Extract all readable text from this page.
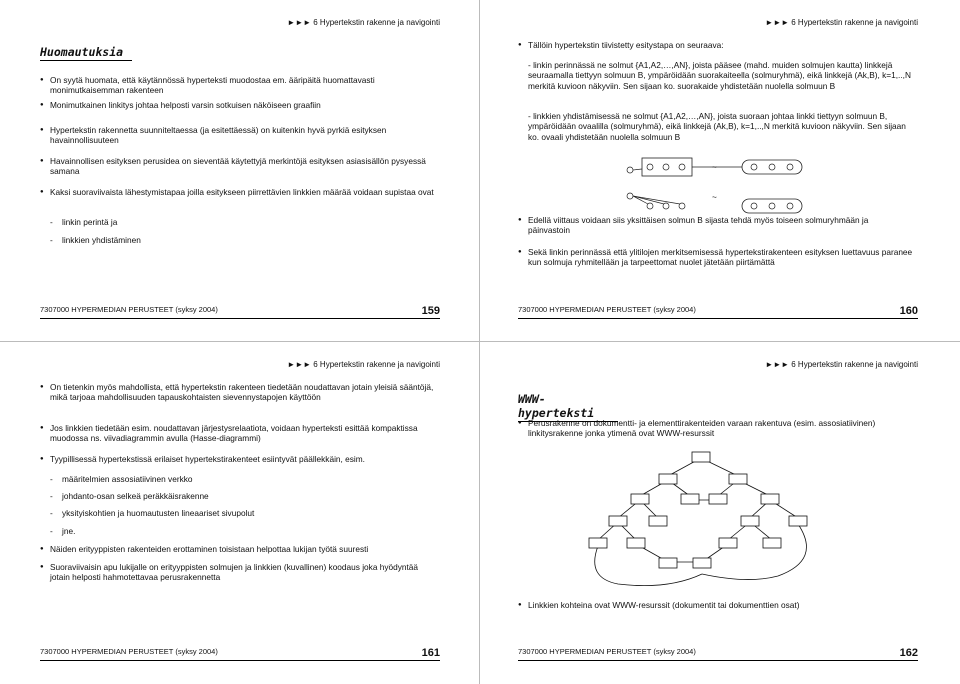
►►► 6 Hypertekstin rakenne ja navigointi
Huomautuksia
● On syytä huomata, että käytännössä hyperteksti muodostaa em. ääripäitä huomattavasti monimutkaisemman rakenteen
● Monimutkainen linkitys johtaa helposti varsin sotkuisen näköiseen graafiin
● Hypertekstin rakennetta suunniteltaessa (ja esitettäessä) on kuitenkin hyvä pyrkiä esityksen havainnollisuuteen
● Havainnollisen esityksen perusidea on sieventää käytettyjä merkintöjä esityksen asiasisällön pysyessä samana
● Kaksi suoraviivaista lähestymistapaa joilla esitykseen piirrettävien linkkien määrää voidaan supistaa ovat
- linkin perintä ja
- linkkien yhdistäminen
7307000 HYPERMEDIAN PERUSTEET (syksy 2004)	159
►►► 6 Hypertekstin rakenne ja navigointi
● Tällöin hypertekstin tiivistetty esitystapa on seuraava:
- linkin perinnässä ne solmut {A1,A2,…,AN}, joista pääsee (mahd. muiden solmujen kautta) linkkejä seuraamalla tiettyyn solmuun B, ympäröidään suorakaiteella (solmuryhmä), eikä linkkejä (Ak,B), k=1,..,N merkitä kuvioon näkyviin. Sen sijaan ko. suorakaide yhdistetään nuolella solmuun B
- linkkien yhdistämisessä ne solmut {A1,A2,…,AN}, joista suoraan johtaa linkki tiettyyn solmuun B, ympäröidään ovaalilla (solmuryhmä), eikä linkkejä (Ak,B), k=1,..,N merkitä kuvioon näkyviin. Sen sijaan ko. ovaali yhdistetään nuolella solmuun B
~
~
● Edellä viittaus voidaan siis yksittäisen solmun B sijasta tehdä myös toiseen solmuryhmään ja päinvastoin
● Sekä linkin perinnässä että ylitilojen merkitsemisessä hypertekstirakenteen esityksen luettavuus paranee kun solmuja ryhmitellään ja tarpeettomat nuolet jätetään piirtämättä
7307000 HYPERMEDIAN PERUSTEET (syksy 2004)	160
►►► 6 Hypertekstin rakenne ja navigointi
● On tietenkin myös mahdollista, että hypertekstin rakenteen tiedetään noudattavan jotain yleisiä sääntöjä, mikä tarjoaa mahdollisuuden tapauskohtaisten sievennystapojen käyttöön
● Jos linkkien tiedetään esim. noudattavan järjestysrelaatiota, voidaan hyperteksti esittää kompaktissa muodossa ns. viivadiagrammin avulla (Hasse-diagrammi)
● Tyypillisessä hypertekstissä erilaiset hypertekstirakenteet esiintyvät päällekkäin, esim.
- määritelmien assosiatiivinen verkko
- johdanto-osan selkeä peräkkäisrakenne
- yksityiskohtien ja huomautusten lineaariset sivupolut
- jne.
● Näiden erityyppisten rakenteiden erottaminen toisistaan helpottaa lukijan työtä suuresti
● Suoraviivaisin apu lukijalle on erityyppisten solmujen ja linkkien (kuvallinen) koodaus joka hyödyntää jotain helposti hahmotettavaa perusrakennetta
7307000 HYPERMEDIAN PERUSTEET (syksy 2004)	161
►►► 6 Hypertekstin rakenne ja navigointi
WWW-hyperteksti
● Perusrakenne on dokumentti- ja elementtirakenteiden varaan rakentuva (esim. assosiatiivinen) linkitysrakenne jonka ytimenä ovat WWW-resurssit
● Linkkien kohteina ovat WWW-resurssit (dokumentit tai dokumenttien osat)
7307000 HYPERMEDIAN PERUSTEET (syksy 2004)	162
